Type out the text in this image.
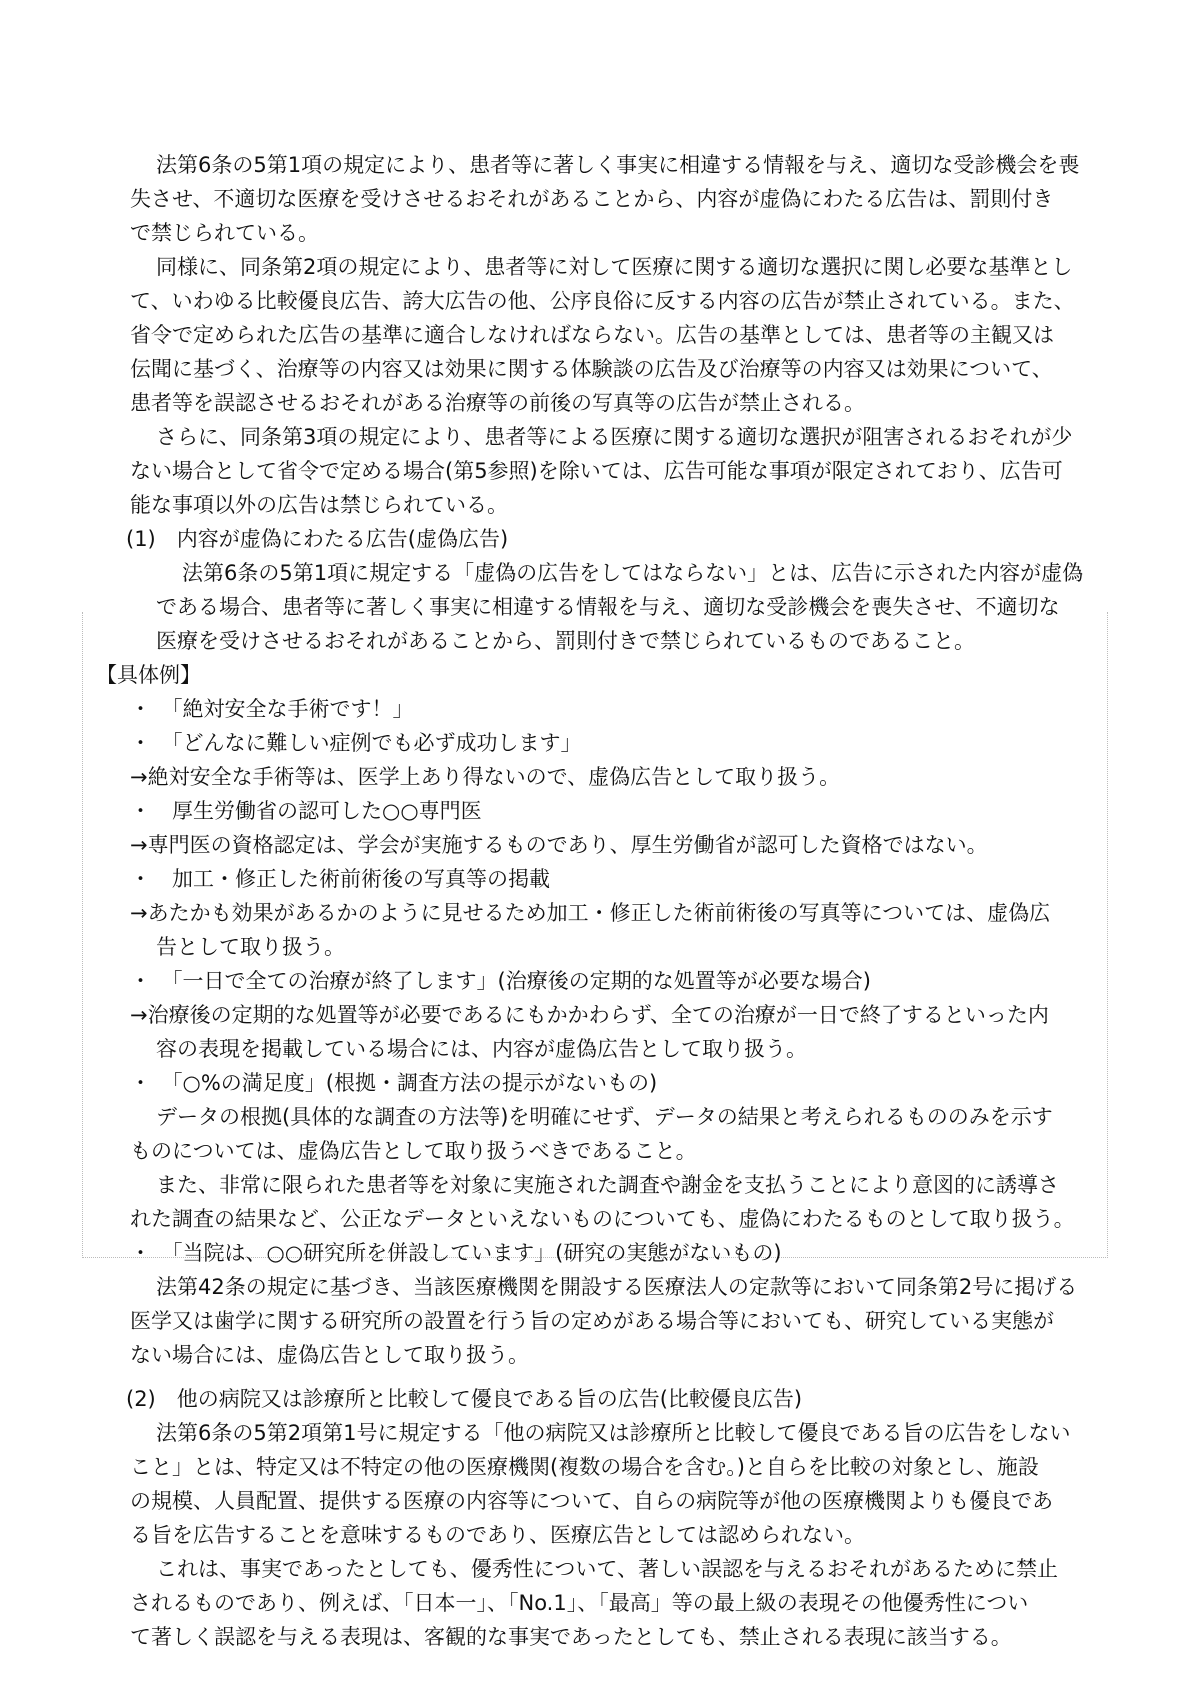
法第6条の5第1項の規定により、患者等に著しく事実に相違する情報を与え、適切な受診機会を喪
失させ、不適切な医療を受けさせるおそれがあることから、内容が虚偽にわたる広告は、罰則付き
で禁じられている。
同様に、同条第2項の規定により、患者等に対して医療に関する適切な選択に関し必要な基準とし
て、いわゆる比較優良広告、誇大広告の他、公序良俗に反する内容の広告が禁止されている。また、
省令で定められた広告の基準に適合しなければならない。広告の基準としては、患者等の主観又は
伝聞に基づく、治療等の内容又は効果に関する体験談の広告及び治療等の内容又は効果について、
患者等を誤認させるおそれがある治療等の前後の写真等の広告が禁止される。
さらに、同条第3項の規定により、患者等による医療に関する適切な選択が阻害されるおそれが少
ない場合として省令で定める場合(第5参照)を除いては、広告可能な事項が限定されており、広告可
能な事項以外の広告は禁じられている。
(1)　内容が虚偽にわたる広告(虚偽広告)
法第6条の5第1項に規定する「虚偽の広告をしてはならない」とは、広告に示された内容が虚偽
である場合、患者等に著しく事実に相違する情報を与え、適切な受診機会を喪失させ、不適切な
医療を受けさせるおそれがあることから、罰則付きで禁じられているものであること。
【具体例】
・　「絶対安全な手術です！」
・　「どんなに難しい症例でも必ず成功します」
→絶対安全な手術等は、医学上あり得ないので、虚偽広告として取り扱う。
・　厚生労働省の認可した○○専門医
→専門医の資格認定は、学会が実施するものであり、厚生労働省が認可した資格ではない。
・　加工・修正した術前術後の写真等の掲載
→あたかも効果があるかのように見せるため加工・修正した術前術後の写真等については、虚偽広
告として取り扱う。
・　「一日で全ての治療が終了します」(治療後の定期的な処置等が必要な場合)
→治療後の定期的な処置等が必要であるにもかかわらず、全ての治療が一日で終了するといった内
容の表現を掲載している場合には、内容が虚偽広告として取り扱う。
・　「○%の満足度」(根拠・調査方法の提示がないもの)
データの根拠(具体的な調査の方法等)を明確にせず、データの結果と考えられるもののみを示す
ものについては、虚偽広告として取り扱うべきであること。
また、非常に限られた患者等を対象に実施された調査や謝金を支払うことにより意図的に誘導さ
れた調査の結果など、公正なデータといえないものについても、虚偽にわたるものとして取り扱う。
・　「当院は、○○研究所を併設しています」(研究の実態がないもの)
法第42条の規定に基づき、当該医療機関を開設する医療法人の定款等において同条第2号に掲げる
医学又は歯学に関する研究所の設置を行う旨の定めがある場合等においても、研究している実態が
ない場合には、虚偽広告として取り扱う。
(2)　他の病院又は診療所と比較して優良である旨の広告(比較優良広告)
法第6条の5第2項第1号に規定する「他の病院又は診療所と比較して優良である旨の広告をしない
こと」とは、特定又は不特定の他の医療機関(複数の場合を含む。)と自らを比較の対象とし、施設
の規模、人員配置、提供する医療の内容等について、自らの病院等が他の医療機関よりも優良であ
る旨を広告することを意味するものであり、医療広告としては認められない。
これは、事実であったとしても、優秀性について、著しい誤認を与えるおそれがあるために禁止
されるものであり、例えば、「日本一」、「No.1」、「最高」等の最上級の表現その他優秀性につい
て著しく誤認を与える表現は、客観的な事実であったとしても、禁止される表現に該当する。
